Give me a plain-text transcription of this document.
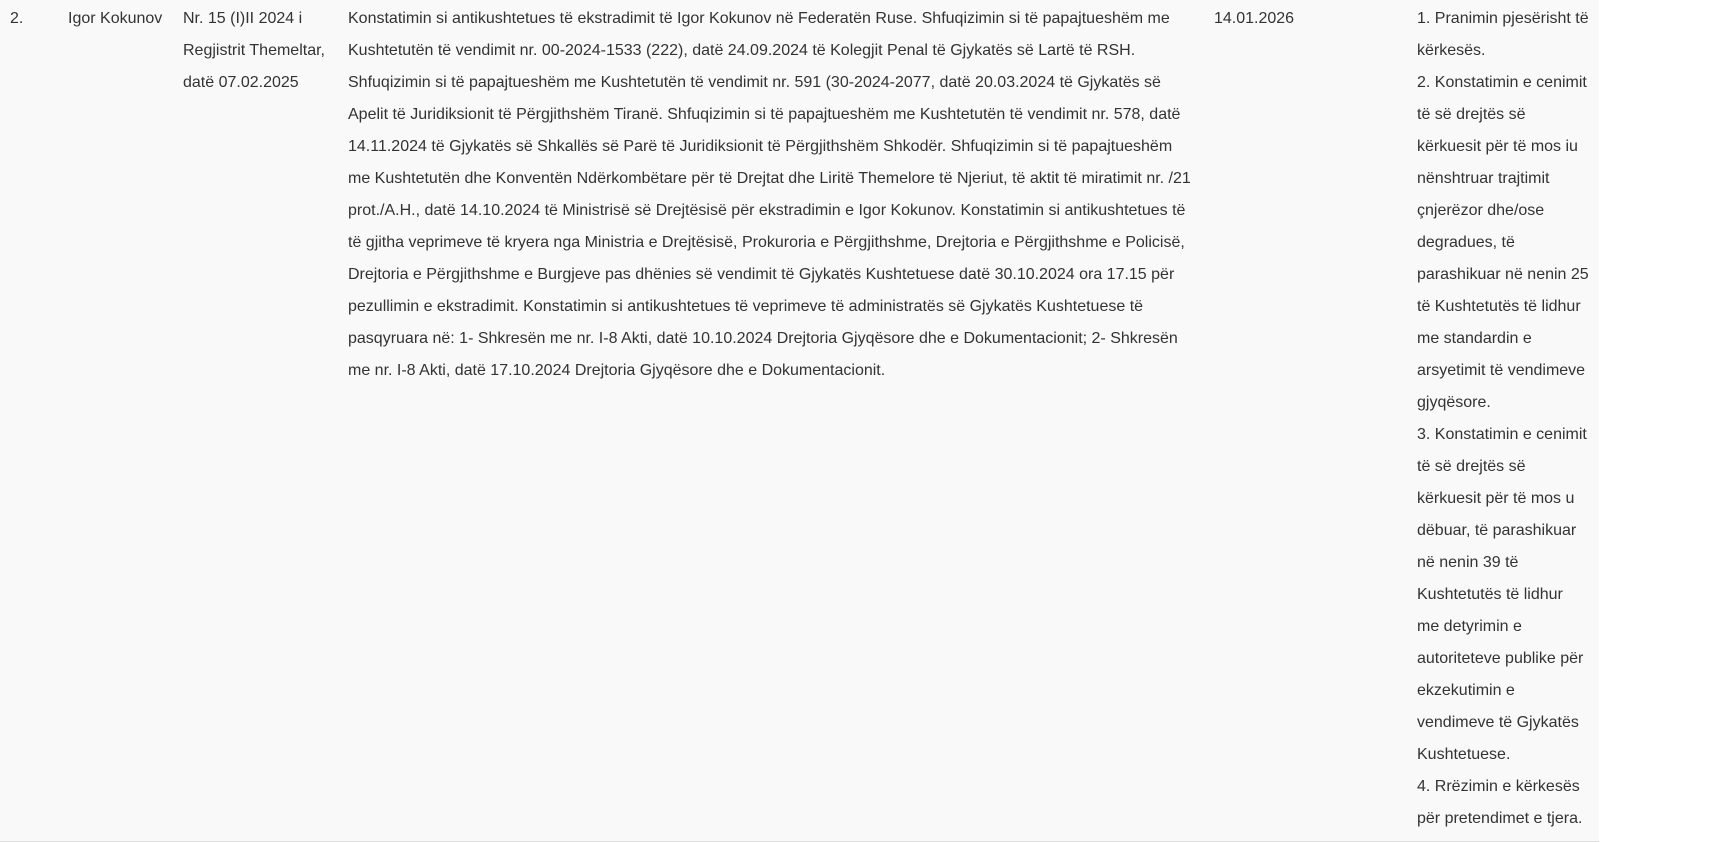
2.	Igor Kokunov	Nr. 15 (I)II 2024 i Regjistrit Themeltar, datë 07.02.2025	Konstatimin si antikushtetues të ekstradimit të Igor Kokunov në Federatën Ruse. Shfuqizimin si të papajtueshëm me Kushtetutën të vendimit nr. 00-2024-1533 (222), datë 24.09.2024 të Kolegjit Penal të Gjykatës së Lartë të RSH. Shfuqizimin si të papajtueshëm me Kushtetutën të vendimit nr. 591 (30-2024-2077, datë 20.03.2024 të Gjykatës së Apelit të Juridiksionit të Përgjithshëm Tiranë. Shfuqizimin si të papajtueshëm me Kushtetutën të vendimit nr. 578, datë 14.11.2024 të Gjykatës së Shkallës së Parë të Juridiksionit të Përgjithshëm Shkodër. Shfuqizimin si të papajtueshëm me Kushtetutën dhe Konventën Ndërkombëtare për të Drejtat dhe Liritë Themelore të Njeriut, të aktit të miratimit nr. /21 prot./A.H., datë 14.10.2024 të Ministrisë së Drejtësisë për ekstradimin e Igor Kokunov. Konstatimin si antikushtetues të të gjitha veprimeve të kryera nga Ministria e Drejtësisë, Prokuroria e Përgjithshme, Drejtoria e Përgjithshme e Policisë, Drejtoria e Përgjithshme e Burgjeve pas dhënies së vendimit të Gjykatës Kushtetuese datë 30.10.2024 ora 17.15 për pezullimin e ekstradimit. Konstatimin si antikushtetues të veprimeve të administratës së Gjykatës Kushtetuese të pasqyruara në: 1- Shkresën me nr. I-8 Akti, datë 10.10.2024 Drejtoria Gjyqësore dhe e Dokumentacionit; 2- Shkresën me nr. I-8 Akti, datë 17.10.2024 Drejtoria Gjyqësore dhe e Dokumentacionit.	14.01.2026	1. Pranimin pjesërisht të kërkesës.
2. Konstatimin e cenimit të së drejtës së kërkuesit për të mos iu nënshtruar trajtimit çnjerëzor dhe/ose degradues, të parashikuar në nenin 25 të Kushtetutës të lidhur me standardin e arsyetimit të vendimeve gjyqësore.
3. Konstatimin e cenimit të së drejtës së kërkuesit për të mos u dëbuar, të parashikuar në nenin 39 të Kushtetutës të lidhur me detyrimin e autoriteteve publike për ekzekutimin e vendimeve të Gjykatës Kushtetuese.
4. Rrëzimin e kërkesës për pretendimet e tjera.
